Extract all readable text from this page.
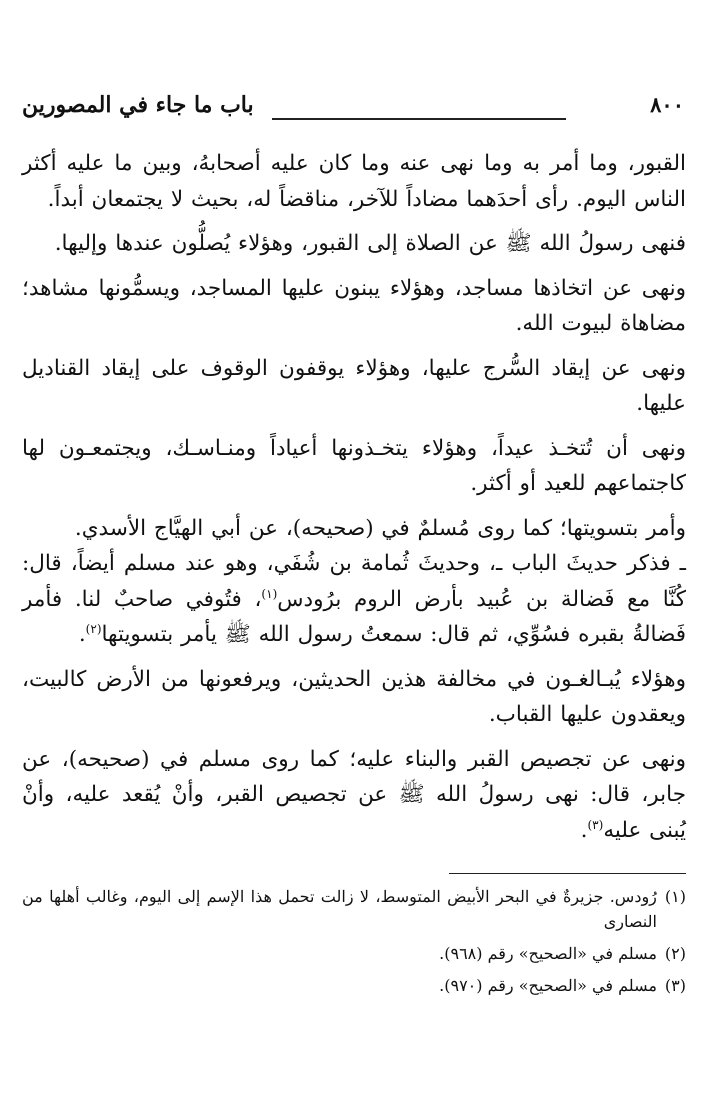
٨٠٠
باب ما جاء في المصورين

القبور، وما أمر به وما نهى عنه وما كان عليه أصحابهُ، وبين ما عليه أكثر الناس اليوم. رأى أحدَهما مضاداً للآخر، مناقضاً له، بحيث لا يجتمعان أبداً.

فنهى رسولُ الله ﷺ عن الصلاة إلى القبور، وهؤلاء يُصلُّون عندها وإليها.

ونهى عن اتخاذها مساجد، وهؤلاء يبنون عليها المساجد، ويسمُّونها مشاهد؛ مضاهاة لبيوت الله.

ونهى عن إيقاد السُّرج عليها، وهؤلاء يوقفون الوقوف على إيقاد القناديل عليها.

ونهى أن تُتخـذ عيداً، وهؤلاء يتخـذونها أعياداً ومنـاسـك، ويجتمعـون لها كاجتماعهم للعيد أو أكثر.

وأمر بتسويتها؛ كما روى مُسلمٌ في (صحيحه)، عن أبي الهيَّاج الأسدي.

ـ فذكر حديثَ الباب ـ، وحديثَ ثُمامة بن شُفَي، وهو عند مسلم أيضاً، قال: كُنَّا مع فَضالة بن عُبيد بأرض الروم برُودس$^{(١)}$، فتُوفي صاحبٌ لنا. فأمر فَضالةُ بقبره فسُوِّي، ثم قال: سمعتُ رسول الله ﷺ يأمر بتسويتها$^{(٢)}$.

وهؤلاء يُبـالغـون في مخالفة هذين الحديثين، ويرفعونها من الأرض كالبيت، ويعقدون عليها القباب.

ونهى عن تجصيص القبر والبناء عليه؛ كما روى مسلم في (صحيحه)، عن جابر، قال: نهى رسولُ الله ﷺ عن تجصيص القبر، وأنْ يُقعد عليه، وأنْ يُبنى عليه$^{(٣)}$.

(١)
رُودس. جزيرةٌ في البحر الأبيض المتوسط، لا زالت تحمل هذا الإسم إلى اليوم، وغالب أهلها من النصارى
(٢)
مسلم في «الصحيح» رقم (٩٦٨).
(٣)
مسلم في «الصحيح» رقم (٩٧٠).
